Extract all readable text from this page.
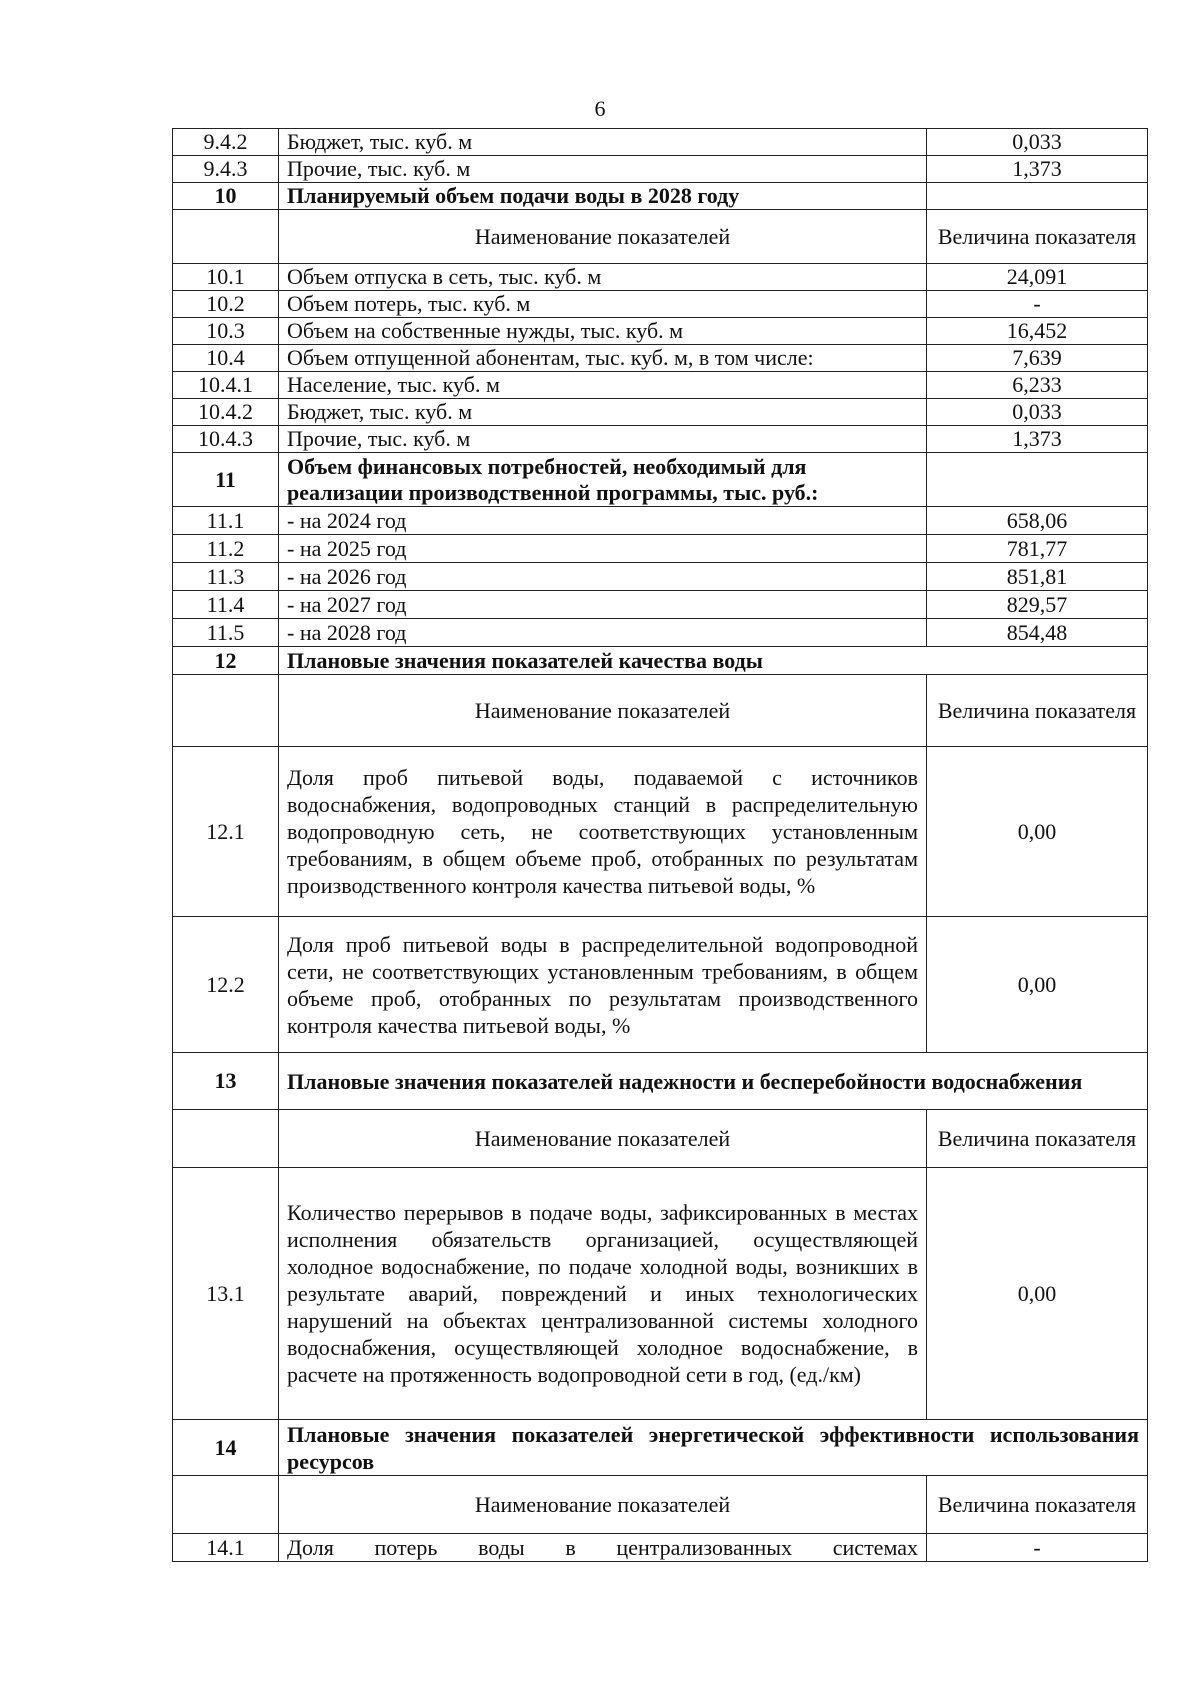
6
9.4.2	Бюджет, тыс. куб. м	0,033
9.4.3	Прочие, тыс. куб. м	1,373
10	Планируемый объем подачи воды в 2028 году	
	Наименование показателей	Величина показателя
10.1	Объем отпуска в сеть, тыс. куб. м	24,091
10.2	Объем потерь, тыс. куб. м	-
10.3	Объем на собственные нужды, тыс. куб. м	16,452
10.4	Объем отпущенной абонентам, тыс. куб. м, в том числе:	7,639
10.4.1	Население, тыс. куб. м	6,233
10.4.2	Бюджет, тыс. куб. м	0,033
10.4.3	Прочие, тыс. куб. м	1,373
11	Объем финансовых потребностей, необходимый для реализации производственной программы, тыс. руб.:	
11.1	- на 2024 год	658,06
11.2	- на 2025 год	781,77
11.3	- на 2026 год	851,81
11.4	- на 2027 год	829,57
11.5	- на 2028 год	854,48
12	Плановые значения показателей качества воды	
	Наименование показателей	Величина показателя
12.1	Доля проб питьевой воды, подаваемой с источников водоснабжения, водопроводных станций в распределительную водопроводную сеть, не соответствующих установленным требованиям, в общем объеме проб, отобранных по результатам производственного контроля качества питьевой воды, %	0,00
12.2	Доля проб питьевой воды в распределительной водопроводной сети, не соответствующих установленным требованиям, в общем объеме проб, отобранных по результатам производственного контроля качества питьевой воды, %	0,00
13	Плановые значения показателей надежности и бесперебойности водоснабжения	
	Наименование показателей	Величина показателя
13.1	Количество перерывов в подаче воды, зафиксированных в местах исполнения обязательств организацией, осуществляющей холодное водоснабжение, по подаче холодной воды, возникших в результате аварий, повреждений и иных технологических нарушений на объектах централизованной системы холодного водоснабжения, осуществляющей холодное водоснабжение, в расчете на протяженность водопроводной сети в год, (ед./км)	0,00
14	Плановые значения показателей энергетической эффективности использования ресурсов	
	Наименование показателей	Величина показателя
14.1	Доля потерь воды в централизованных системах	-
